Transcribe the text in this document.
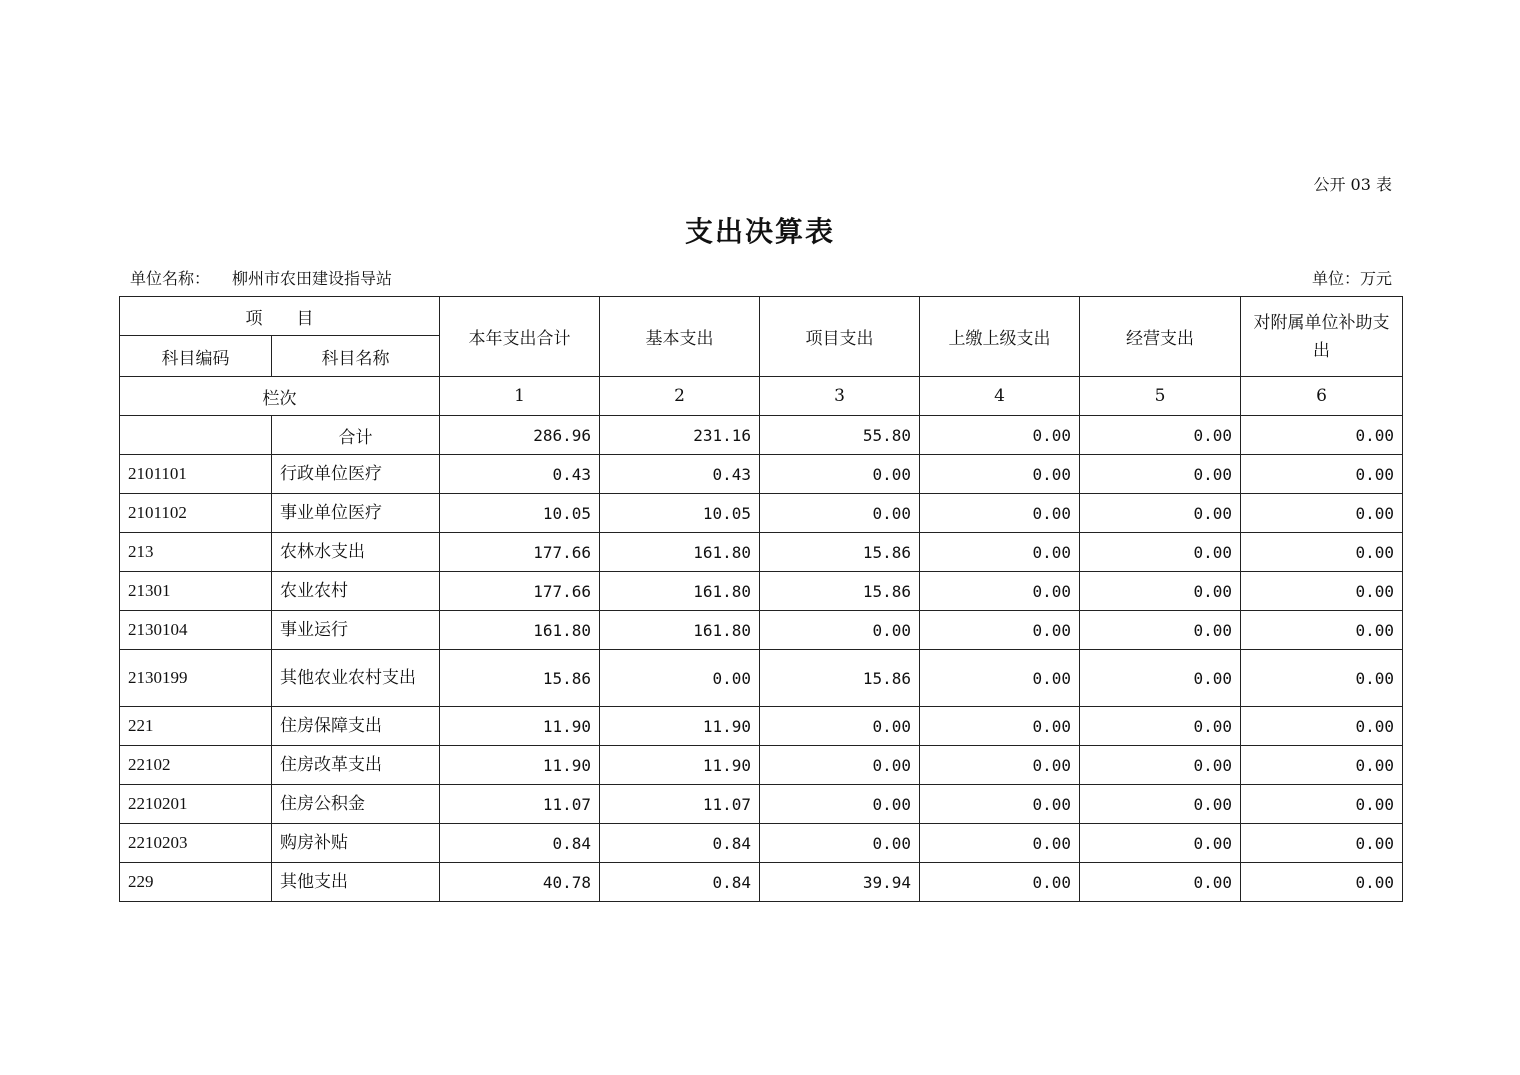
公开 03 表
支出决算表
单位名称： 柳州市农田建设指导站	单位：万元
项　　目		本年支出合计	基本支出	项目支出	上缴上级支出	经营支出	对附属单位补助支出
科目编码	科目名称						
栏次		1	2	3	4	5	6
	合计	286.96	231.16	55.80	0.00	0.00	0.00
2101101	行政单位医疗	0.43	0.43	0.00	0.00	0.00	0.00
2101102	事业单位医疗	10.05	10.05	0.00	0.00	0.00	0.00
213	农林水支出	177.66	161.80	15.86	0.00	0.00	0.00
21301	农业农村	177.66	161.80	15.86	0.00	0.00	0.00
2130104	事业运行	161.80	161.80	0.00	0.00	0.00	0.00
2130199	其他农业农村支出	15.86	0.00	15.86	0.00	0.00	0.00
221	住房保障支出	11.90	11.90	0.00	0.00	0.00	0.00
22102	住房改革支出	11.90	11.90	0.00	0.00	0.00	0.00
2210201	住房公积金	11.07	11.07	0.00	0.00	0.00	0.00
2210203	购房补贴	0.84	0.84	0.00	0.00	0.00	0.00
229	其他支出	40.78	0.84	39.94	0.00	0.00	0.00
